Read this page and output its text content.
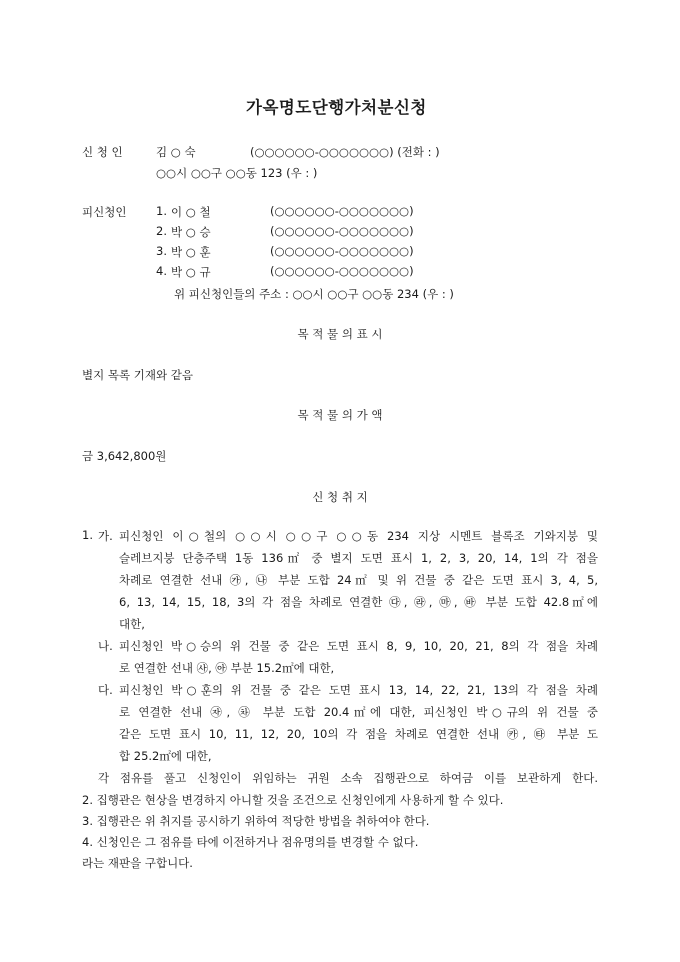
가옥명도단행가처분신청
신 청 인	김 ○ 숙	(○○○○○○-○○○○○○○) (전화 : )
○○시 ○○구 ○○동 123 (우 : )
피신청인	1. 이 ○ 철	(○○○○○○-○○○○○○○)
2. 박 ○ 승	(○○○○○○-○○○○○○○)
3. 박 ○ 훈	(○○○○○○-○○○○○○○)
4. 박 ○ 규	(○○○○○○-○○○○○○○)
위 피신청인들의 주소 : ○○시 ○○구 ○○동 234 (우 : )
목 적 물 의 표 시
별지 목록 기재와 같음
목 적 물 의 가 액
금 3,642,800원
신 청 취 지
1. 가. 피신청인 이○철의 ○○시 ○○구 ○○동 234 지상 시멘트 블록조 기와지붕 및
슬레브지붕 단층주택 1동 136㎡ 중 별지 도면 표시 1, 2, 3, 20, 14, 1의 각 점을
차례로 연결한 선내 ㉮, ㉯ 부분 도합 24㎡ 및 위 건물 중 같은 도면 표시 3, 4, 5,
6, 13, 14, 15, 18, 3의 각 점을 차례로 연결한 ㉰, ㉱, ㉲, ㉳ 부분 도합 42.8㎡에
대한,
나. 피신청인 박○승의 위 건물 중 같은 도면 표시 8, 9, 10, 20, 21, 8의 각 점을 차례
로 연결한 선내 ㉴, ㉵ 부분 15.2㎡에 대한,
다. 피신청인 박○훈의 위 건물 중 같은 도면 표시 13, 14, 22, 21, 13의 각 점을 차례
로 연결한 선내 ㉶, ㉷ 부분 도합 20.4㎡에 대한, 피신청인 박○규의 위 건물 중
같은 도면 표시 10, 11, 12, 20, 10의 각 점을 차례로 연결한 선내 ㉸, ㉹ 부분 도
합 25.2㎡에 대한,
각 점유를 풀고 신청인이 위임하는 귀원 소속 집행관으로 하여금 이를 보관하게 한다.
2. 집행관은 현상을 변경하지 아니할 것을 조건으로 신청인에게 사용하게 할 수 있다.
3. 집행관은 위 취지를 공시하기 위하여 적당한 방법을 취하여야 한다.
4. 신청인은 그 점유를 타에 이전하거나 점유명의를 변경할 수 없다.
라는 재판을 구합니다.
